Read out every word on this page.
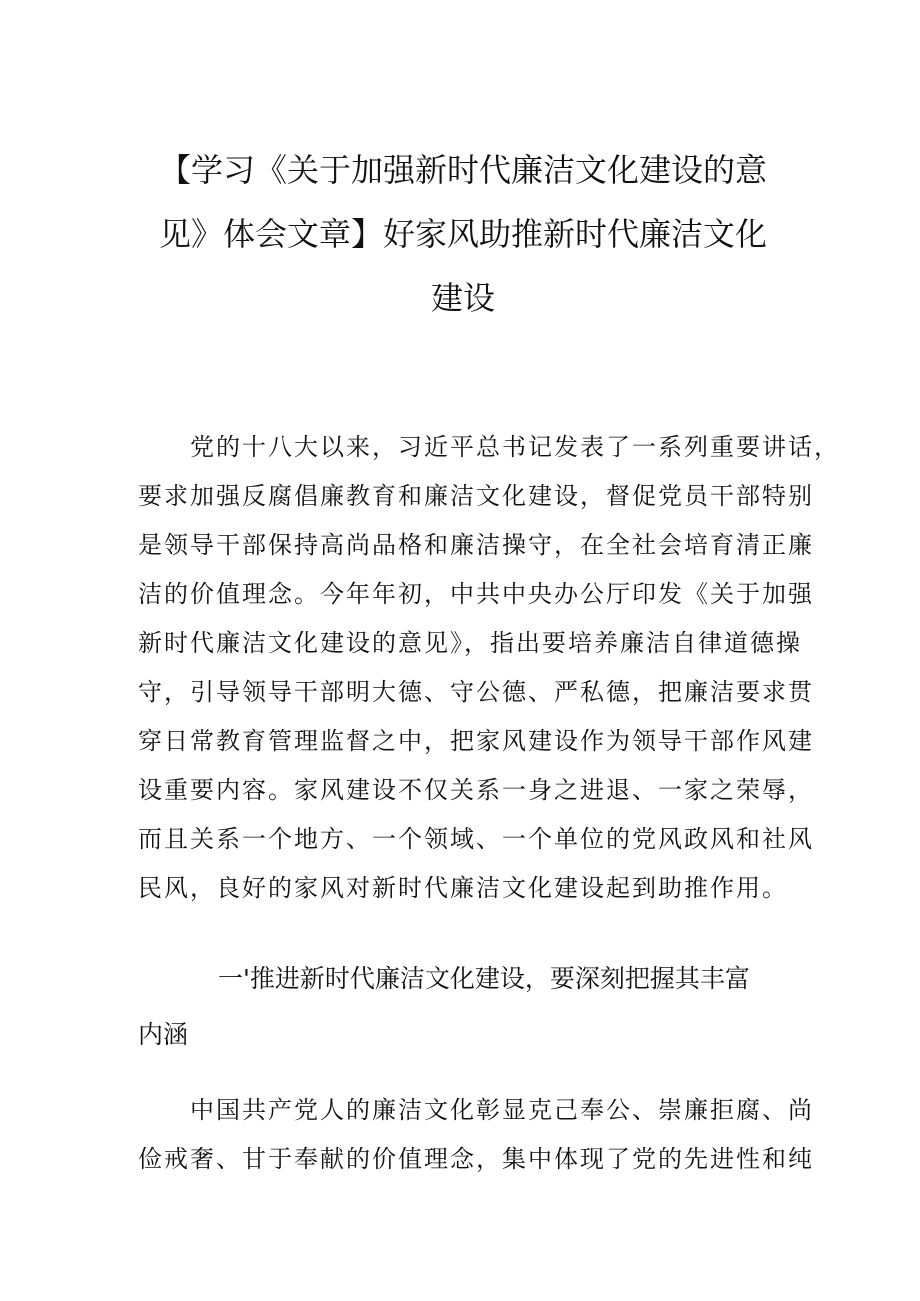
【学习《关于加强新时代廉洁文化建设的意
见》体会文章】好家风助推新时代廉洁文化
建设

党的十八大以来，习近平总书记发表了一系列重要讲话，
要求加强反腐倡廉教育和廉洁文化建设，督促党员干部特别
是领导干部保持高尚品格和廉洁操守，在全社会培育清正廉
洁的价值理念。今年年初，中共中央办公厅印发《关于加强
新时代廉洁文化建设的意见》，指出要培养廉洁自律道德操
守，引导领导干部明大德、守公德、严私德，把廉洁要求贯
穿日常教育管理监督之中，把家风建设作为领导干部作风建
设重要内容。家风建设不仅关系一身之进退、一家之荣辱，
而且关系一个地方、一个领域、一个单位的党风政风和社风
民风，良好的家风对新时代廉洁文化建设起到助推作用。

一'推进新时代廉洁文化建设，要深刻把握其丰富
内涵

中国共产党人的廉洁文化彰显克己奉公、崇廉拒腐、尚
俭戒奢、甘于奉献的价值理念，集中体现了党的先进性和纯
